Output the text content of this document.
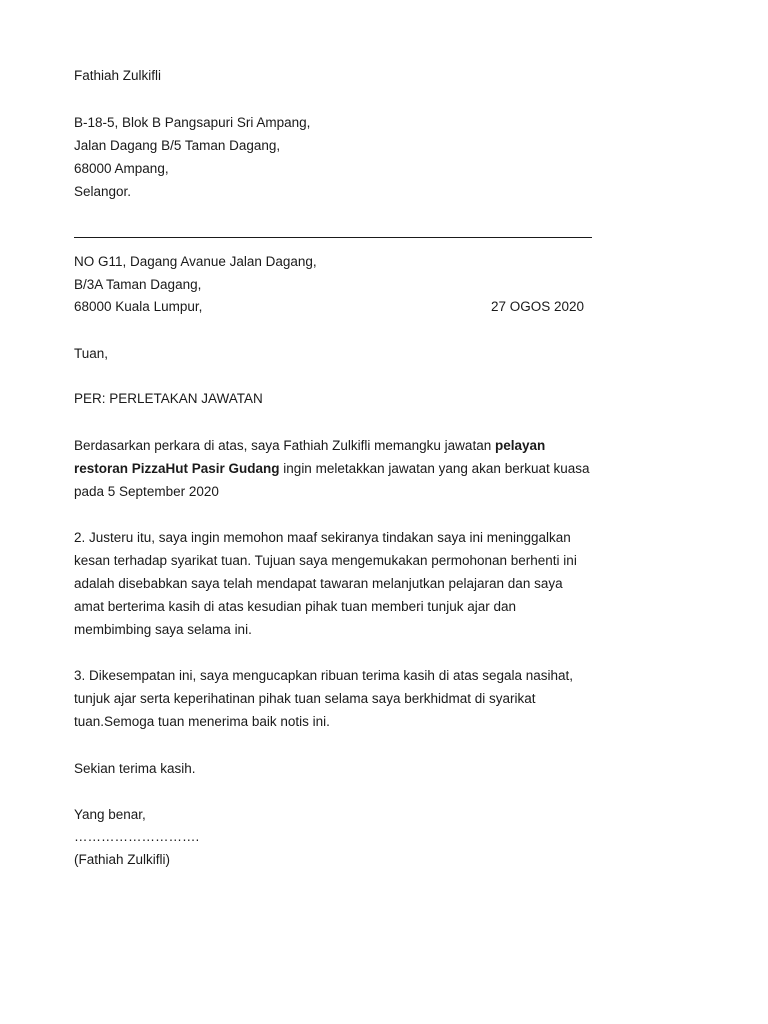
Fathiah Zulkifli
B-18-5, Blok B Pangsapuri Sri Ampang,
Jalan Dagang B/5 Taman Dagang,
68000 Ampang,
Selangor.
NO G11, Dagang Avanue Jalan Dagang,
B/3A Taman Dagang,
68000 Kuala Lumpur,	27 OGOS 2020
Tuan,
PER: PERLETAKAN JAWATAN
Berdasarkan perkara di atas, saya Fathiah Zulkifli memangku jawatan pelayan
restoran PizzaHut Pasir Gudang ingin meletakkan jawatan yang akan berkuat kuasa
pada 5 September 2020
2. Justeru itu, saya ingin memohon maaf sekiranya tindakan saya ini meninggalkan
kesan terhadap syarikat tuan. Tujuan saya mengemukakan permohonan berhenti ini
adalah disebabkan saya telah mendapat tawaran melanjutkan pelajaran dan saya
amat berterima kasih di atas kesudian pihak tuan memberi tunjuk ajar dan
membimbing saya selama ini.
3. Dikesempatan ini, saya mengucapkan ribuan terima kasih di atas segala nasihat,
tunjuk ajar serta keperihatinan pihak tuan selama saya berkhidmat di syarikat
tuan.Semoga tuan menerima baik notis ini.
Sekian terima kasih.
Yang benar,
……………………….
(Fathiah Zulkifli)
